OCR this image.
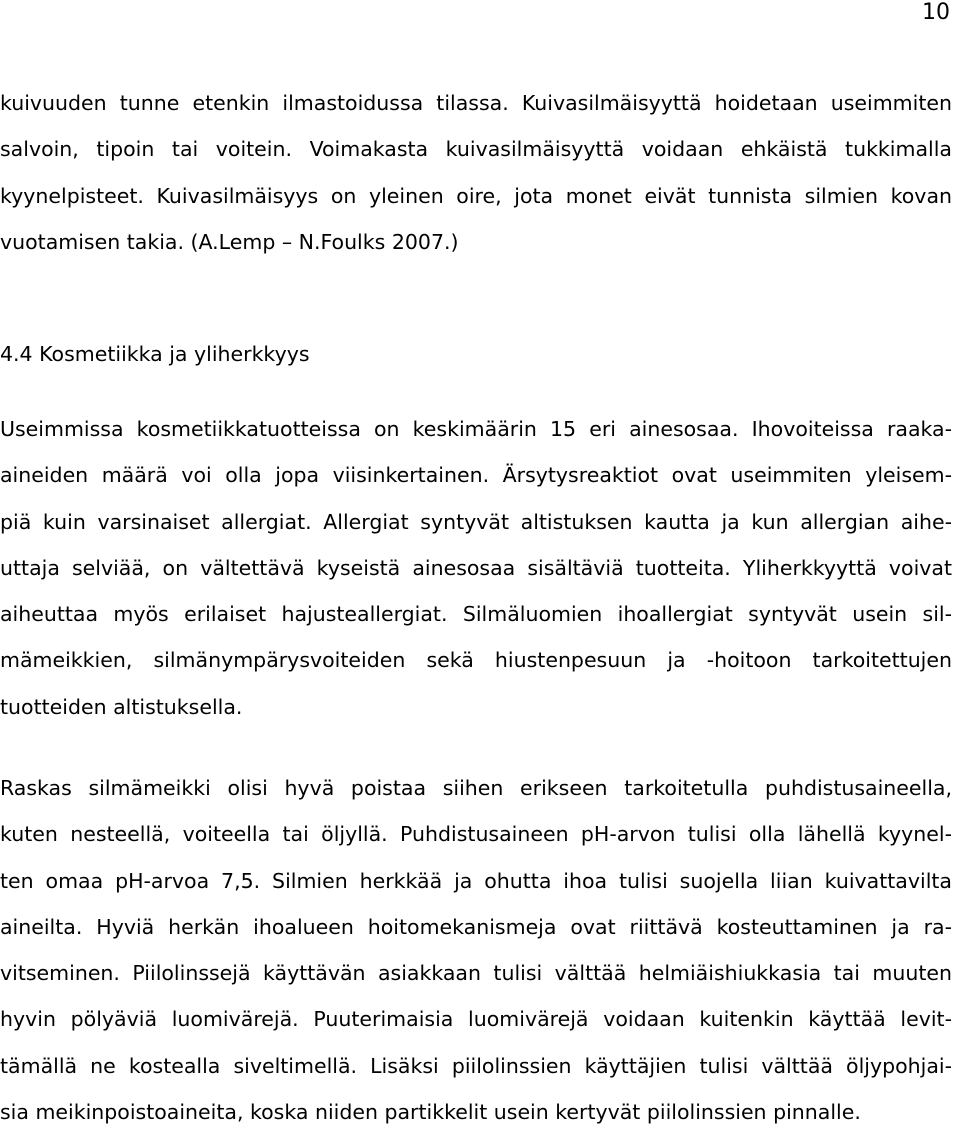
10
kuivuuden tunne etenkin ilmastoidussa tilassa. Kuivasilmäisyyttä hoidetaan useimmiten
salvoin, tipoin tai voitein. Voimakasta kuivasilmäisyyttä voidaan ehkäistä tukkimalla
kyynelpisteet. Kuivasilmäisyys on yleinen oire, jota monet eivät tunnista silmien kovan
vuotamisen takia. (A.Lemp – N.Foulks 2007.)
4.4 Kosmetiikka ja yliherkkyys
Useimmissa kosmetiikkatuotteissa on keskimäärin 15 eri ainesosaa. Ihovoiteissa raaka-
aineiden määrä voi olla jopa viisinkertainen. Ärsytysreaktiot ovat useimmiten yleisem-
piä kuin varsinaiset allergiat. Allergiat syntyvät altistuksen kautta ja kun allergian aihe-
uttaja selviää, on vältettävä kyseistä ainesosaa sisältäviä tuotteita. Yliherkkyyttä voivat
aiheuttaa myös erilaiset hajusteallergiat. Silmäluomien ihoallergiat syntyvät usein sil-
mämeikkien, silmänympärysvoiteiden sekä hiustenpesuun ja -hoitoon tarkoitettujen
tuotteiden altistuksella.
Raskas silmämeikki olisi hyvä poistaa siihen erikseen tarkoitetulla puhdistusaineella,
kuten nesteellä, voiteella tai öljyllä. Puhdistusaineen pH-arvon tulisi olla lähellä kyynel-
ten omaa pH-arvoa 7,5. Silmien herkkää ja ohutta ihoa tulisi suojella liian kuivattavilta
aineilta. Hyviä herkän ihoalueen hoitomekanismeja ovat riittävä kosteuttaminen ja ra-
vitseminen. Piilolinssejä käyttävän asiakkaan tulisi välttää helmiäishiukkasia tai muuten
hyvin pölyäviä luomivärejä. Puuterimaisia luomivärejä voidaan kuitenkin käyttää levit-
tämällä ne kostealla siveltimellä. Lisäksi piilolinssien käyttäjien tulisi välttää öljypohjai-
sia meikinpoistoaineita, koska niiden partikkelit usein kertyvät piilolinssien pinnalle.
